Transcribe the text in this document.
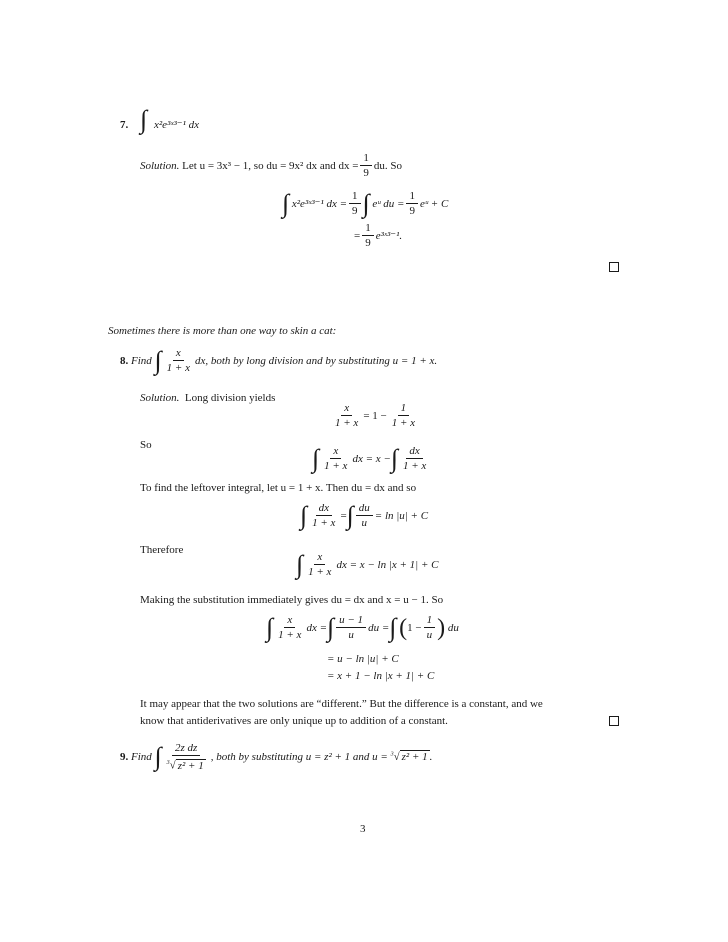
7. ∫ x²e³ˣ³⁻¹ dx
Solution.
Let u = 3x³ − 1, so du = 9x² dx and dx = $\frac{1}{9}$ du. So
∫
x²e³ˣ³⁻¹ dx = $\frac{1}{9}$ ∫
eᵘ du = $\frac{1}{9}$ eᵘ + C
= $\frac{1}{9}$ e³ˣ³⁻¹.
Sometimes there is more than one way to skin a cat:
8.
Find
∫ $\frac{x}{1 + x}$ dx, both by long division and by substituting u = 1 + x.
Solution. Long division yields
$\frac{x}{1 + x} = 1 - \frac{1}{1 + x}$
So	∫ $\frac{x}{1 + x}$ dx = x − ∫ $\frac{dx}{1 + x}$
To find the leftover integral, let u = 1 + x. Then du = dx and so
∫ $\frac{dx}{1 + x}$ = ∫ $\frac{du}{u} = \ln |u| + C$
Therefore	∫ $\frac{x}{1 + x}$ dx = x − ln |x + 1| + C
Making the substitution immediately gives du = dx and x = u − 1. So
∫ $\frac{x}{1 + x}$ dx = ∫ $\frac{u - 1}{u}$ du = ∫
( $1 - \frac{1}{u}$ )
du
= u − ln |u| + C
= x + 1 − ln |x + 1| + C
It may appear that the two solutions are “different.” But the difference is a constant, and we
know that antiderivatives are only unique up to addition of a constant.
9.
Find
∫ $\frac{\text{2z dz}}{^3√ z^2 + 1}$ , both by substituting u = z² + 1 and u =
$^3$√ z² + 1 .
3
